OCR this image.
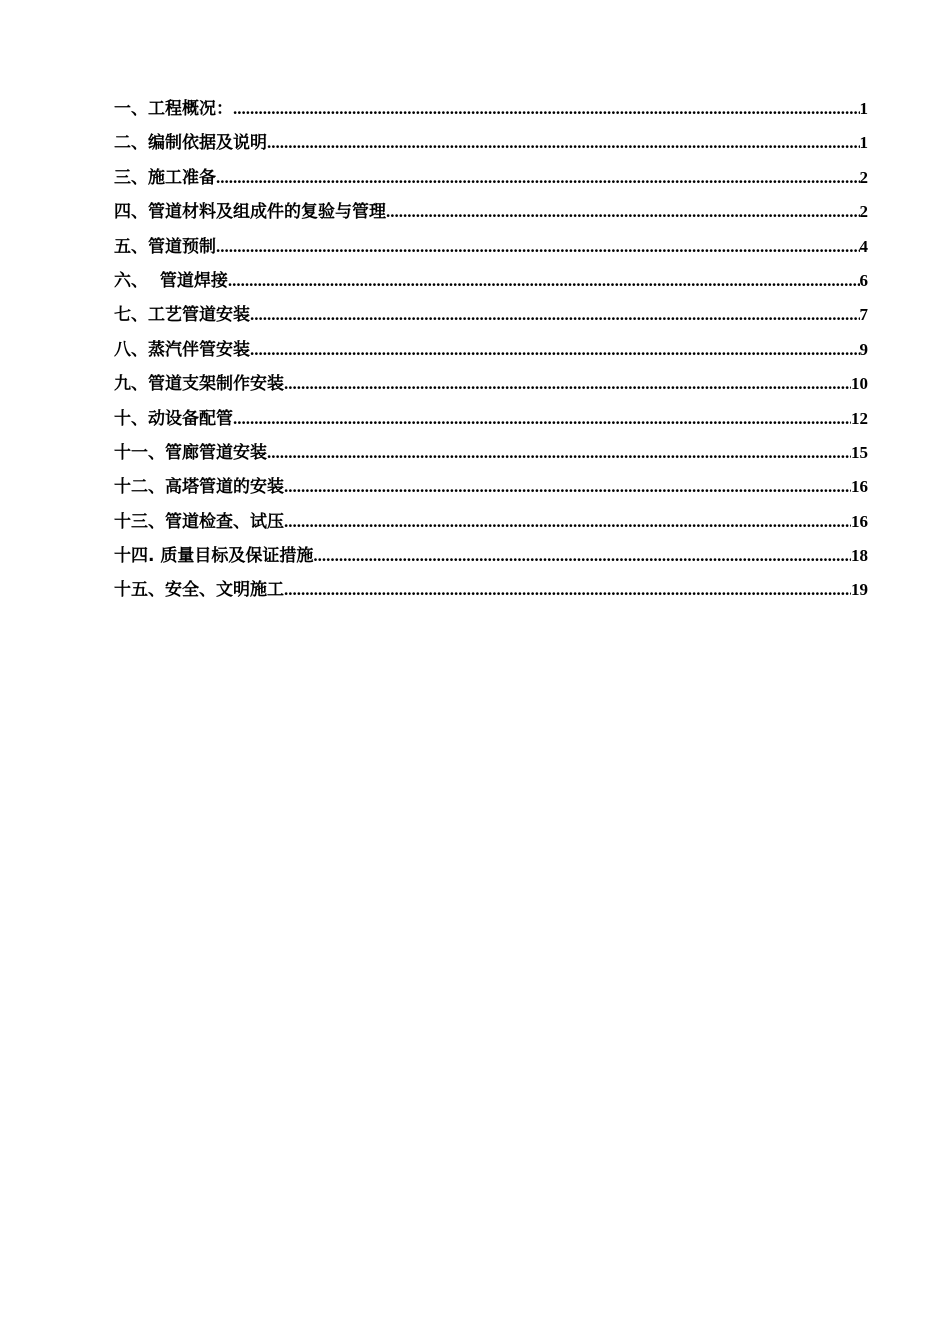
一、工程概况： .....	1
二、编制依据及说明 .....	1
三、施工准备 .....	2
四、管道材料及组成件的复验与管理 .....	2
五、管道预制 .....	4
六、  管道焊接 .....	6
七、工艺管道安装 .....	7
八、蒸汽伴管安装 .....	9
九、管道支架制作安装 .....	10
十、动设备配管 .....	12
十一、管廊管道安装 .....	15
十二、高塔管道的安装 .....	16
十三、管道检查、试压 .....	16
十四. 质量目标及保证措施 .....	18
十五、安全、文明施工 .....	19
